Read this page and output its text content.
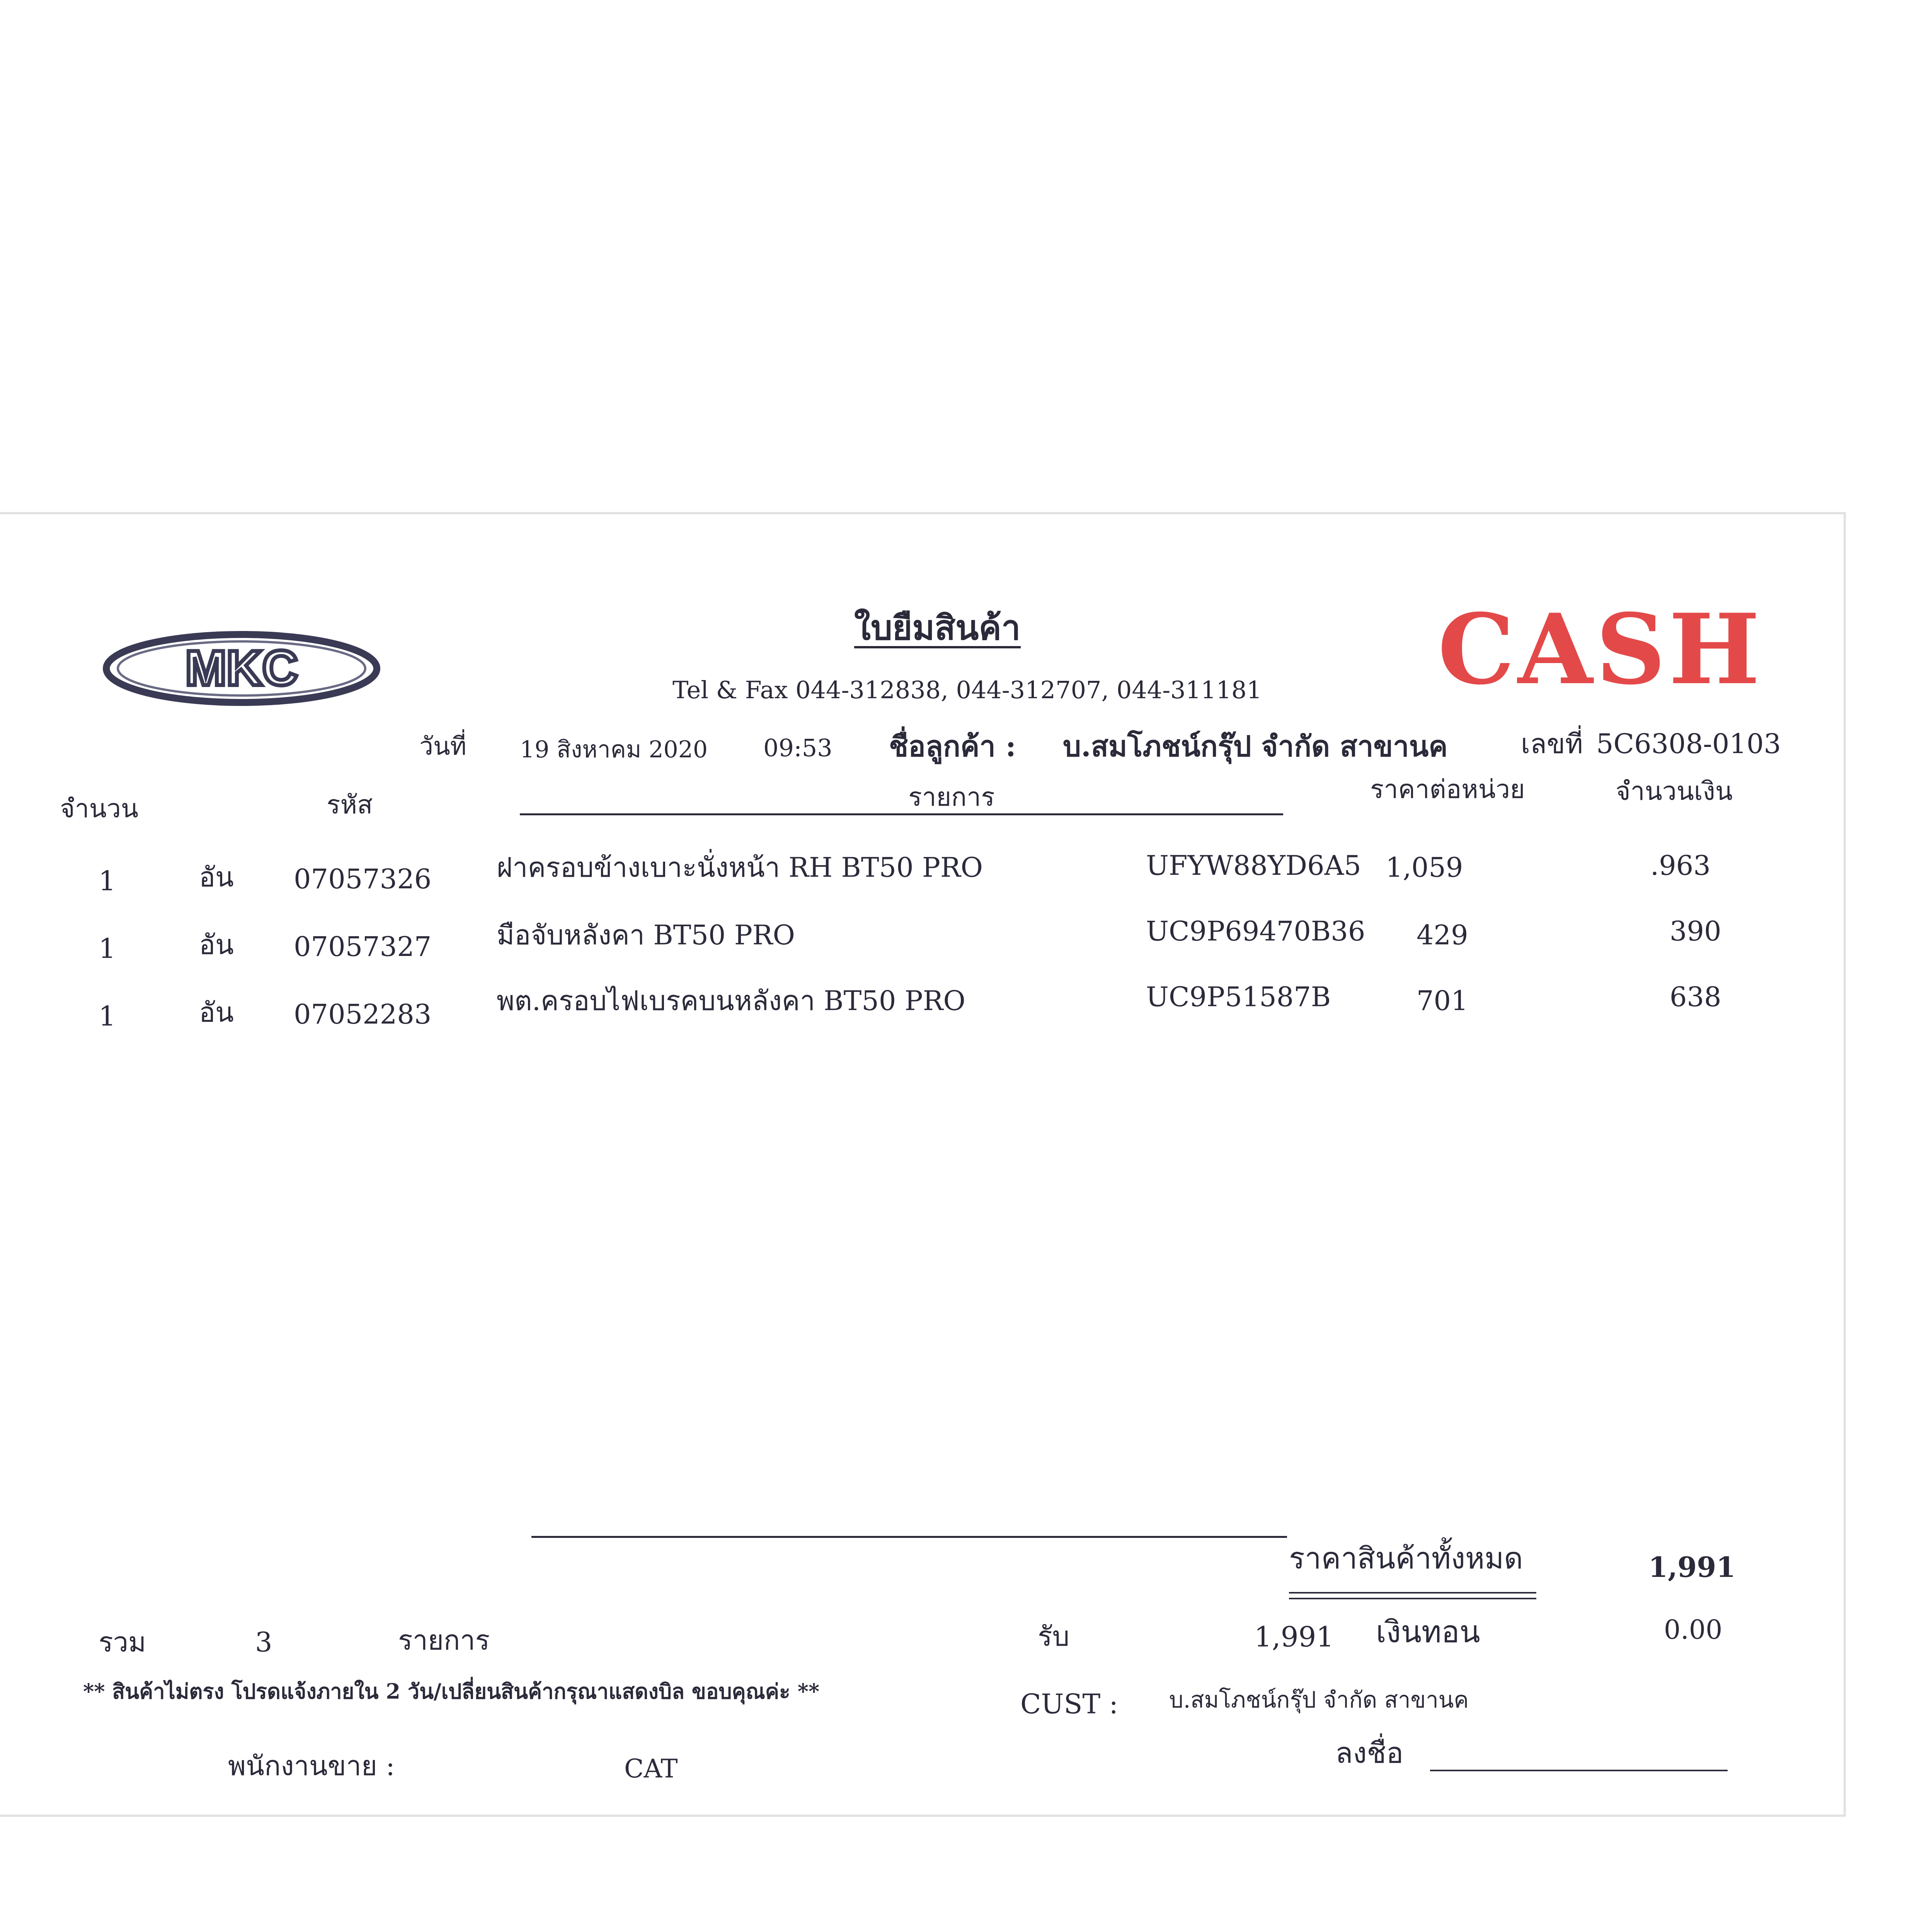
MKC
ใบยืมสินค้า	CASH
Tel & Fax 044-312838, 044-312707, 044-311181
วันที่ 19 สิงหาคม 2020 09:53 ชื่อลูกค้า : บ.สมโภชน์กรุ๊ป จำกัด สาขานค	เลขที่ 5C6308-0103
จำนวน	รหัส	รายการ	ราคาต่อหน่วย	จำนวนเงิน
1	อัน 07057326 ฝาครอบข้างเบาะนั่งหน้า RH BT50 PRO	UFYW88YD6A5 1,059	.963
1	อัน 07057327 มือจับหลังคา BT50 PRO	UC9P69470B36 429	390
1	อัน 07052283 พต.ครอบไฟเบรคบนหลังคา BT50 PRO	UC9P51587B	701	638
ราคาสินค้าทั้งหมด	1,991
รวม	3	รายการ	รับ	1,991 เงินทอน	0.00
** สินค้าไม่ตรง โปรดแจ้งภายใน 2 วัน/เปลี่ยนสินค้ากรุณาแสดงบิล ขอบคุณค่ะ **	CUST : บ.สมโภชน์กรุ๊ป จำกัด สาขานค
พนักงานขาย :	CAT	ลงชื่อ
